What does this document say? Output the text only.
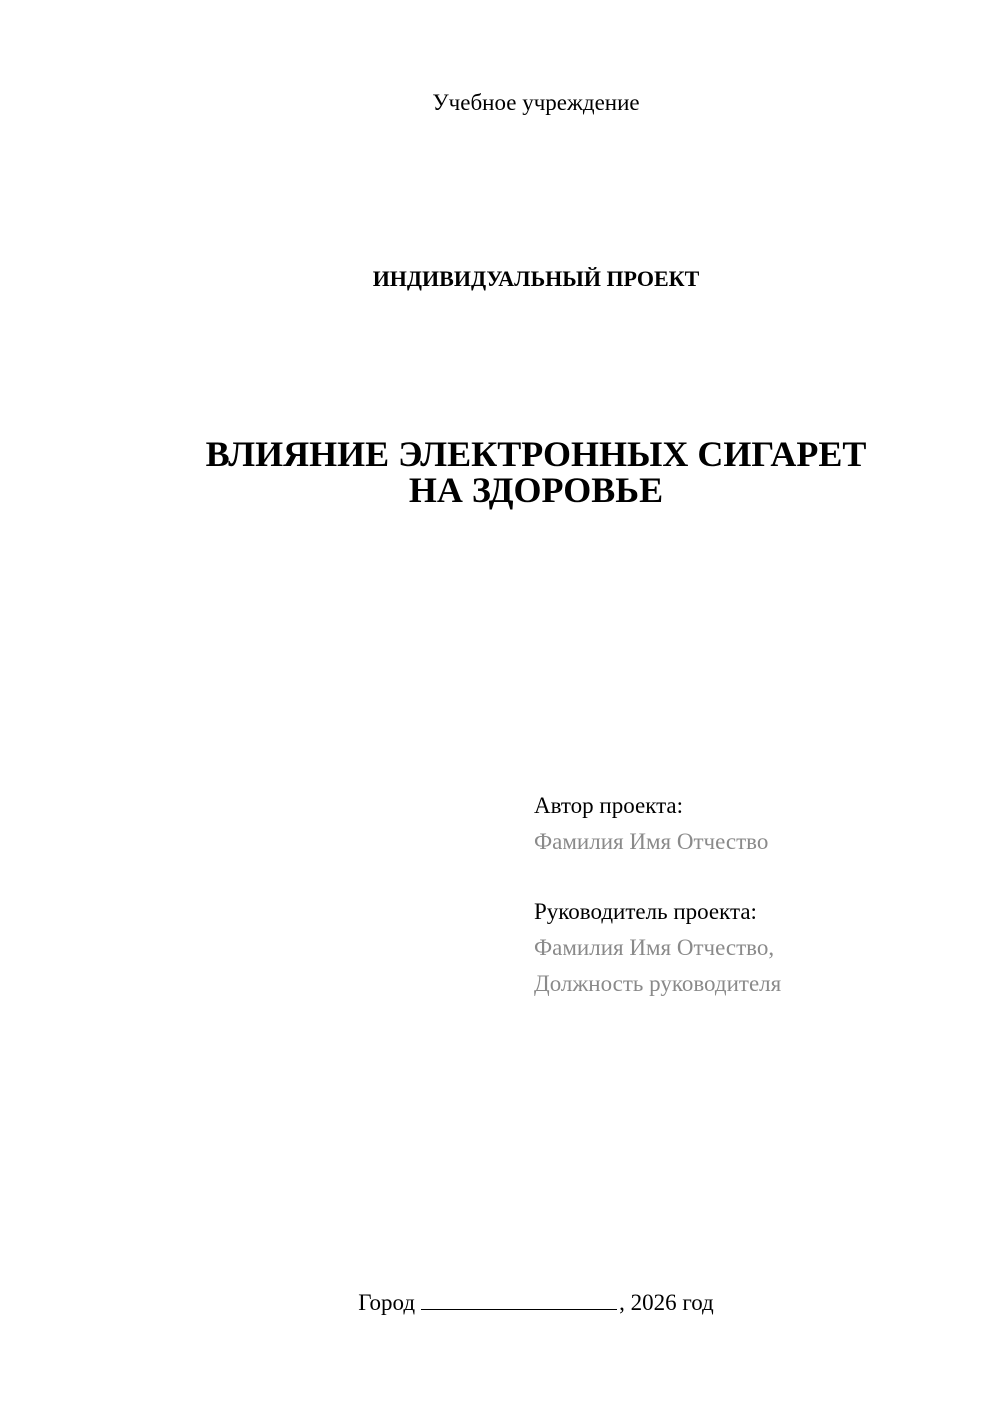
Учебное учреждение
ИНДИВИДУАЛЬНЫЙ ПРОЕКТ
ВЛИЯНИЕ ЭЛЕКТРОННЫХ СИГАРЕТ
НА ЗДОРОВЬЕ
Автор проекта:
Фамилия Имя Отчество
Руководитель проекта:
Фамилия Имя Отчество,
Должность руководителя
Город	, 2026 год
